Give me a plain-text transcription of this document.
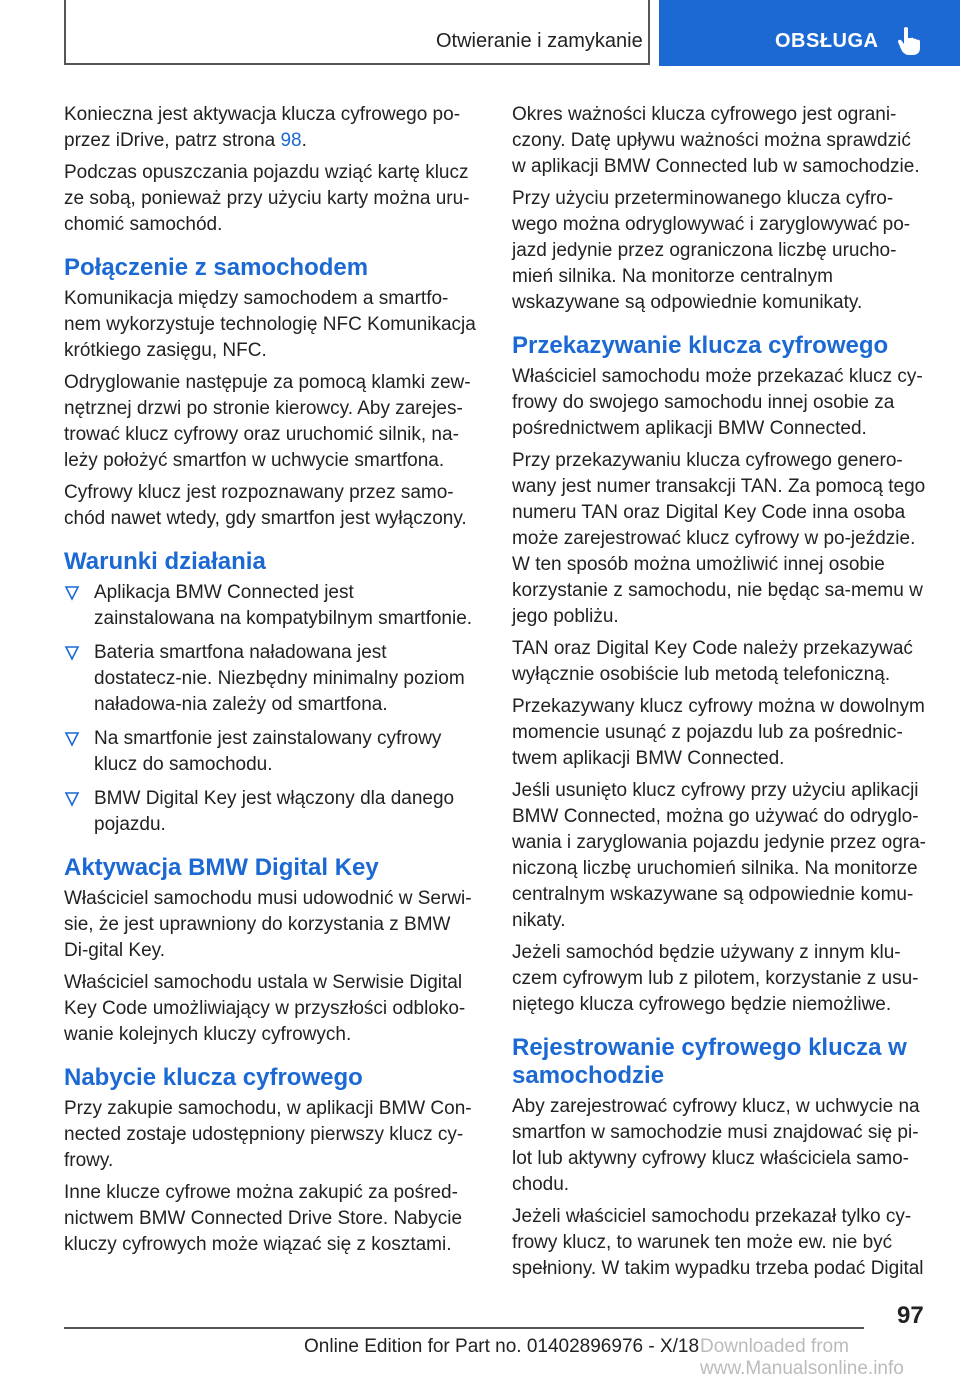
Otwieranie i zamykanie	OBSŁUGA

Konieczna jest aktywacja klucza cyfrowego po-przez iDrive, patrz strona 98.

Podczas opuszczania pojazdu wziąć kartę klucz ze sobą, ponieważ przy użyciu karty można uru-chomić samochód.

Połączenie z samochodem

Komunikacja między samochodem a smartfo-nem wykorzystuje technologię NFC Komunikacja krótkiego zasięgu, NFC.

Odryglowanie następuje za pomocą klamki zew-nętrznej drzwi po stronie kierowcy. Aby zarejes-trować klucz cyfrowy oraz uruchomić silnik, na-leży położyć smartfon w uchwycie smartfona.

Cyfrowy klucz jest rozpoznawany przez samo-chód nawet wtedy, gdy smartfon jest wyłączony.

Warunki działania
Aplikacja BMW Connected jest zainstalowana na kompatybilnym smartfonie.
Bateria smartfona naładowana jest dostatecz-nie. Niezbędny minimalny poziom naładowa-nia zależy od smartfona.
Na smartfonie jest zainstalowany cyfrowy klucz do samochodu.
BMW Digital Key jest włączony dla danego pojazdu.
Aktywacja BMW Digital Key

Właściciel samochodu musi udowodnić w Serwi-sie, że jest uprawniony do korzystania z BMW Di-gital Key.

Właściciel samochodu ustala w Serwisie Digital Key Code umożliwiający w przyszłości odbloko-wanie kolejnych kluczy cyfrowych.

Nabycie klucza cyfrowego

Przy zakupie samochodu, w aplikacji BMW Con-nected zostaje udostępniony pierwszy klucz cy-frowy.

Inne klucze cyfrowe można zakupić za pośred-nictwem BMW Connected Drive Store. Nabycie kluczy cyfrowych może wiązać się z kosztami.

Okres ważności klucza cyfrowego jest ograni-czony. Datę upływu ważności można sprawdzić w aplikacji BMW Connected lub w samochodzie.

Przy użyciu przeterminowanego klucza cyfro-wego można odryglowywać i zaryglowywać po-jazd jedynie przez ograniczona liczbę urucho-mień silnika. Na monitorze centralnym wskazywane są odpowiednie komunikaty.

Przekazywanie klucza cyfrowego

Właściciel samochodu może przekazać klucz cy-frowy do swojego samochodu innej osobie za pośrednictwem aplikacji BMW Connected.

Przy przekazywaniu klucza cyfrowego genero-wany jest numer transakcji TAN. Za pomocą tego numeru TAN oraz Digital Key Code inna osoba może zarejestrować klucz cyfrowy w po-jeździe. W ten sposób można umożliwić innej osobie korzystanie z samochodu, nie będąc sa-memu w jego pobliżu.

TAN oraz Digital Key Code należy przekazywać wyłącznie osobiście lub metodą telefoniczną.

Przekazywany klucz cyfrowy można w dowolnym momencie usunąć z pojazdu lub za pośrednic-twem aplikacji BMW Connected.

Jeśli usunięto klucz cyfrowy przy użyciu aplikacji BMW Connected, można go używać do odryglo-wania i zaryglowania pojazdu jedynie przez ogra-niczoną liczbę uruchomień silnika. Na monitorze centralnym wskazywane są odpowiednie komu-nikaty.

Jeżeli samochód będzie używany z innym klu-czem cyfrowym lub z pilotem, korzystanie z usu-niętego klucza cyfrowego będzie niemożliwe.

Rejestrowanie cyfrowego klucza w samochodzie

Aby zarejestrować cyfrowy klucz, w uchwycie na smartfon w samochodzie musi znajdować się pi-lot lub aktywny cyfrowy klucz właściciela samo-chodu.

Jeżeli właściciel samochodu przekazał tylko cy-frowy klucz, to warunek ten może ew. nie być spełniony. W takim wypadku trzeba podać Digital

97
Online Edition for Part no. 01402896976 - X/18 Downloaded from www.Manualsonline.info
